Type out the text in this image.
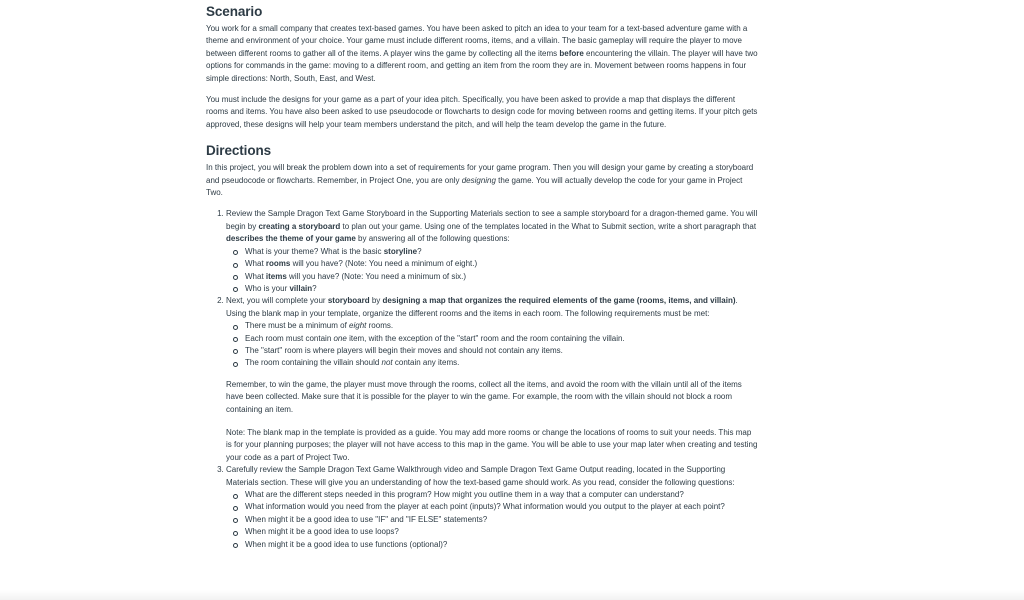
Scenario

You work for a small company that creates text-based games. You have been asked to pitch an idea to your team for a text-based adventure game with a theme and environment of your choice. Your game must include different rooms, items, and a villain. The basic gameplay will require the player to move between different rooms to gather all of the items. A player wins the game by collecting all the items before encountering the villain. The player will have two options for commands in the game: moving to a different room, and getting an item from the room they are in. Movement between rooms happens in four simple directions: North, South, East, and West.

You must include the designs for your game as a part of your idea pitch. Specifically, you have been asked to provide a map that displays the different rooms and items. You have also been asked to use pseudocode or flowcharts to design code for moving between rooms and getting items. If your pitch gets approved, these designs will help your team members understand the pitch, and will help the team develop the game in the future.

Directions

In this project, you will break the problem down into a set of requirements for your game program. Then you will design your game by creating a storyboard and pseudocode or flowcharts. Remember, in Project One, you are only designing the game. You will actually develop the code for your game in Project Two.

1. Review the Sample Dragon Text Game Storyboard in the Supporting Materials section to see a sample storyboard for a dragon-themed game. You will begin by creating a storyboard to plan out your game. Using one of the templates located in the What to Submit section, write a short paragraph that describes the theme of your game by answering all of the following questions:
What is your theme? What is the basic storyline?
What rooms will you have? (Note: You need a minimum of eight.)
What items will you have? (Note: You need a minimum of six.)
Who is your villain?
2. Next, you will complete your storyboard by designing a map that organizes the required elements of the game (rooms, items, and villain). Using the blank map in your template, organize the different rooms and the items in each room. The following requirements must be met:
There must be a minimum of eight rooms.
Each room must contain one item, with the exception of the "start" room and the room containing the villain.
The "start" room is where players will begin their moves and should not contain any items.
The room containing the villain should not contain any items.

Remember, to win the game, the player must move through the rooms, collect all the items, and avoid the room with the villain until all of the items have been collected. Make sure that it is possible for the player to win the game. For example, the room with the villain should not block a room containing an item.

Note: The blank map in the template is provided as a guide. You may add more rooms or change the locations of rooms to suit your needs. This map is for your planning purposes; the player will not have access to this map in the game. You will be able to use your map later when creating and testing your code as a part of Project Two.

3. Carefully review the Sample Dragon Text Game Walkthrough video and Sample Dragon Text Game Output reading, located in the Supporting Materials section. These will give you an understanding of how the text-based game should work. As you read, consider the following questions:
What are the different steps needed in this program? How might you outline them in a way that a computer can understand?
What information would you need from the player at each point (inputs)? What information would you output to the player at each point?
When might it be a good idea to use "IF" and "IF ELSE" statements?
When might it be a good idea to use loops?
When might it be a good idea to use functions (optional)?
